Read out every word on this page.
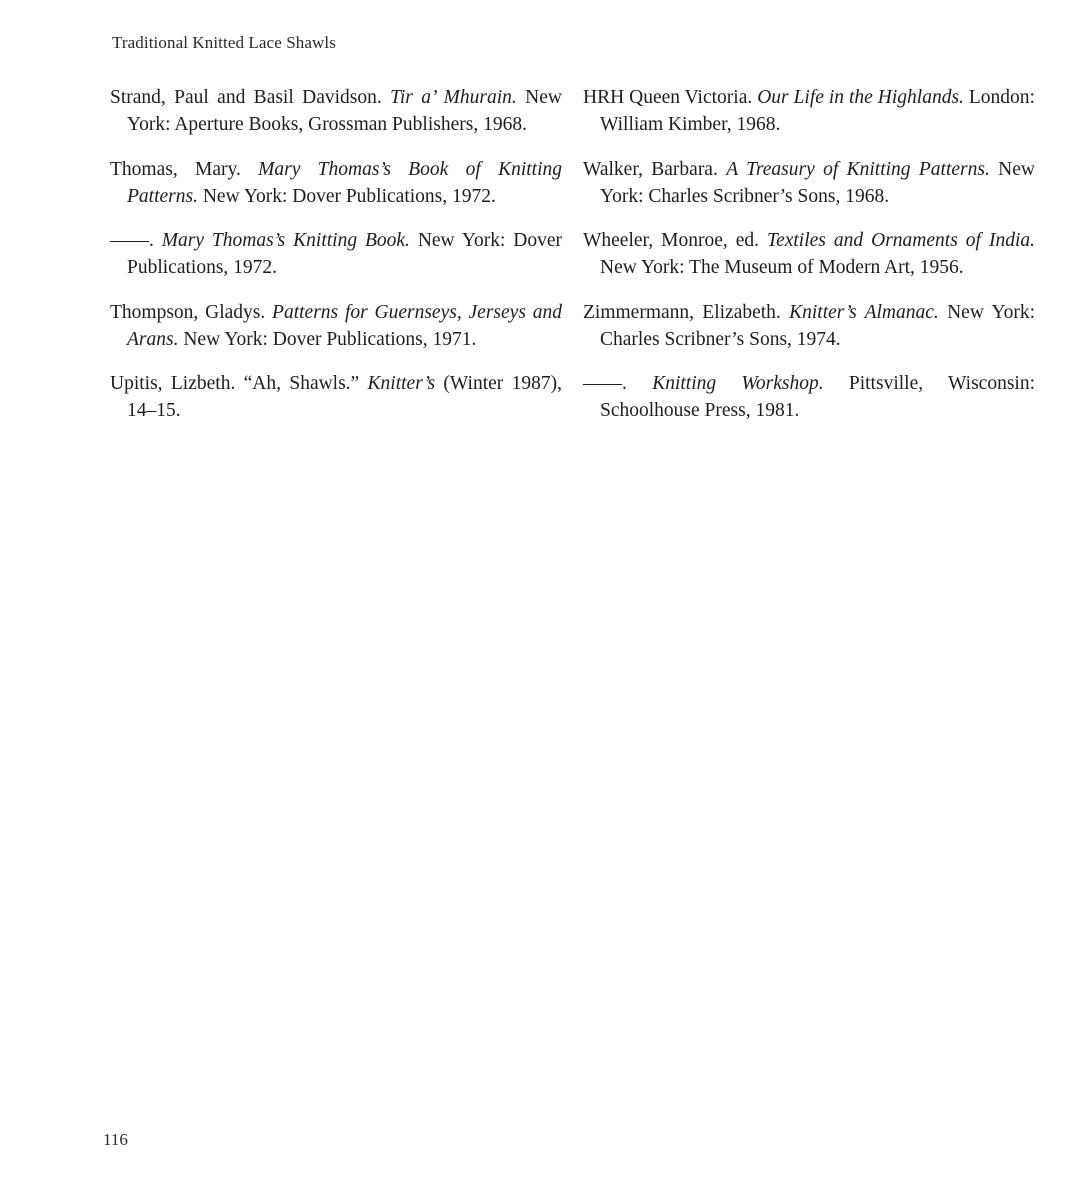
Traditional Knitted Lace Shawls

Strand, Paul and Basil Davidson. Tir a’ Mhurain. New York: Aperture Books, Grossman Publishers, 1968.

Thomas, Mary. Mary Thomas’s Book of Knitting Patterns. New York: Dover Publications, 1972.

——. Mary Thomas’s Knitting Book. New York: Dover Publications, 1972.

Thompson, Gladys. Patterns for Guernseys, Jerseys and Arans. New York: Dover Publications, 1971.

Upitis, Lizbeth. “Ah, Shawls.” Knitter’s (Winter 1987), 14–15.

HRH Queen Victoria. Our Life in the Highlands. London: William Kimber, 1968.

Walker, Barbara. A Treasury of Knitting Patterns. New York: Charles Scribner’s Sons, 1968.

Wheeler, Monroe, ed. Textiles and Ornaments of India. New York: The Museum of Modern Art, 1956.

Zimmermann, Elizabeth. Knitter’s Almanac. New York: Charles Scribner’s Sons, 1974.

——. Knitting Workshop. Pittsville, Wisconsin: Schoolhouse Press, 1981.

116
